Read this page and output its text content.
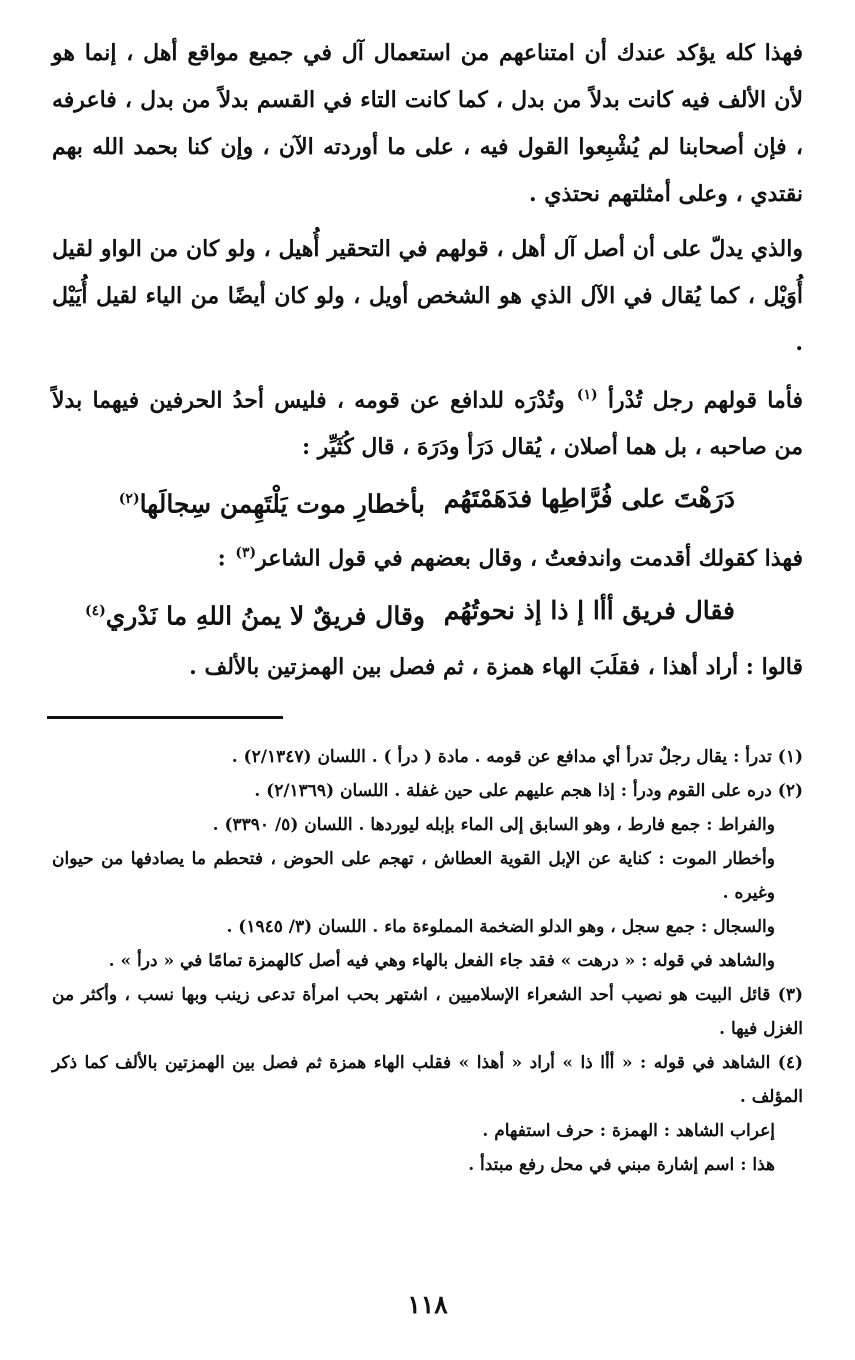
فهذا كله يؤكد عندك أن امتناعهم من استعمال آل في جميع مواقع أهل ، إنما هو لأن الألف فيه كانت بدلاً من بدل ، كما كانت التاء في القسم بدلاً من بدل ، فاعرفه ، فإن أصحابنا لم يُشْبِعوا القول فيه ، على ما أوردته الآن ، وإن كنا بحمد الله بهم نقتدي ، وعلى أمثلتهم نحتذي .

والذي يدلّ على أن أصل آل أهل ، قولهم في التحقير أُهيل ، ولو كان من الواو لقيل أُوَيْل ، كما يُقال في الآل الذي هو الشخص أويل ، ولو كان أيضًا من الياء لقيل أُيَيْل .

فأما قولهم رجل تُدْرأ $^{(١)}$ وتُدْرَه للدافع عن قومه ، فليس أحدُ الحرفين فيهما بدلاً من صاحبه ، بل هما أصلان ، يُقال دَرَأ ودَرَهَ ، قال كُثَيِّر :

دَرَهْتَ على فُرَّاطِها فدَهَمْتَهُم
بأخطارِ موت يَلْتَهِمن سِجالَها$^{(٢)}$

فهذا كقولك أقدمت واندفعتُ ، وقال بعضهم في قول الشاعر$^{(٣)}$ :

فقال فريق أأا إ ذا إذ نحوتُهُم
وقال فريقٌ لا يمنُ اللهِ ما نَدْري$^{(٤)}$

قالوا : أراد أهذا ، فقلَبَ الهاء همزة ، ثم فصل بين الهمزتين بالألف .

(١) تدرأ : يقال رجلٌ تدرأ أي مدافع عن قومه . مادة ( درأ ) . اللسان (٢/١٣٤٧) .
(٢) دره على القوم ودرأ : إذا هجم عليهم على حين غفلة . اللسان (٢/١٣٦٩) .
والفراط : جمع فارط ، وهو السابق إلى الماء بإبله ليوردها . اللسان (٥/ ٣٣٩٠) .
وأخطار الموت : كناية عن الإبل القوية العطاش ، تهجم على الحوض ، فتحطم ما يصادفها من حيوان وغيره .
والسجال : جمع سجل ، وهو الدلو الضخمة المملوءة ماء . اللسان (٣/ ١٩٤٥) .
والشاهد في قوله : « درهت » فقد جاء الفعل بالهاء وهي فيه أصل كالهمزة تمامًا في « درأ » .
(٣) قائل البيت هو نصيب أحد الشعراء الإسلاميين ، اشتهر بحب امرأة تدعى زينب وبها نسب ، وأكثر من الغزل فيها .
(٤) الشاهد في قوله : « أأا ذا » أراد « أهذا » فقلب الهاء همزة ثم فصل بين الهمزتين بالألف كما ذكر المؤلف .
إعراب الشاهد : الهمزة : حرف استفهام .
هذا : اسم إشارة مبني في محل رفع مبتدأ .
١١٨
